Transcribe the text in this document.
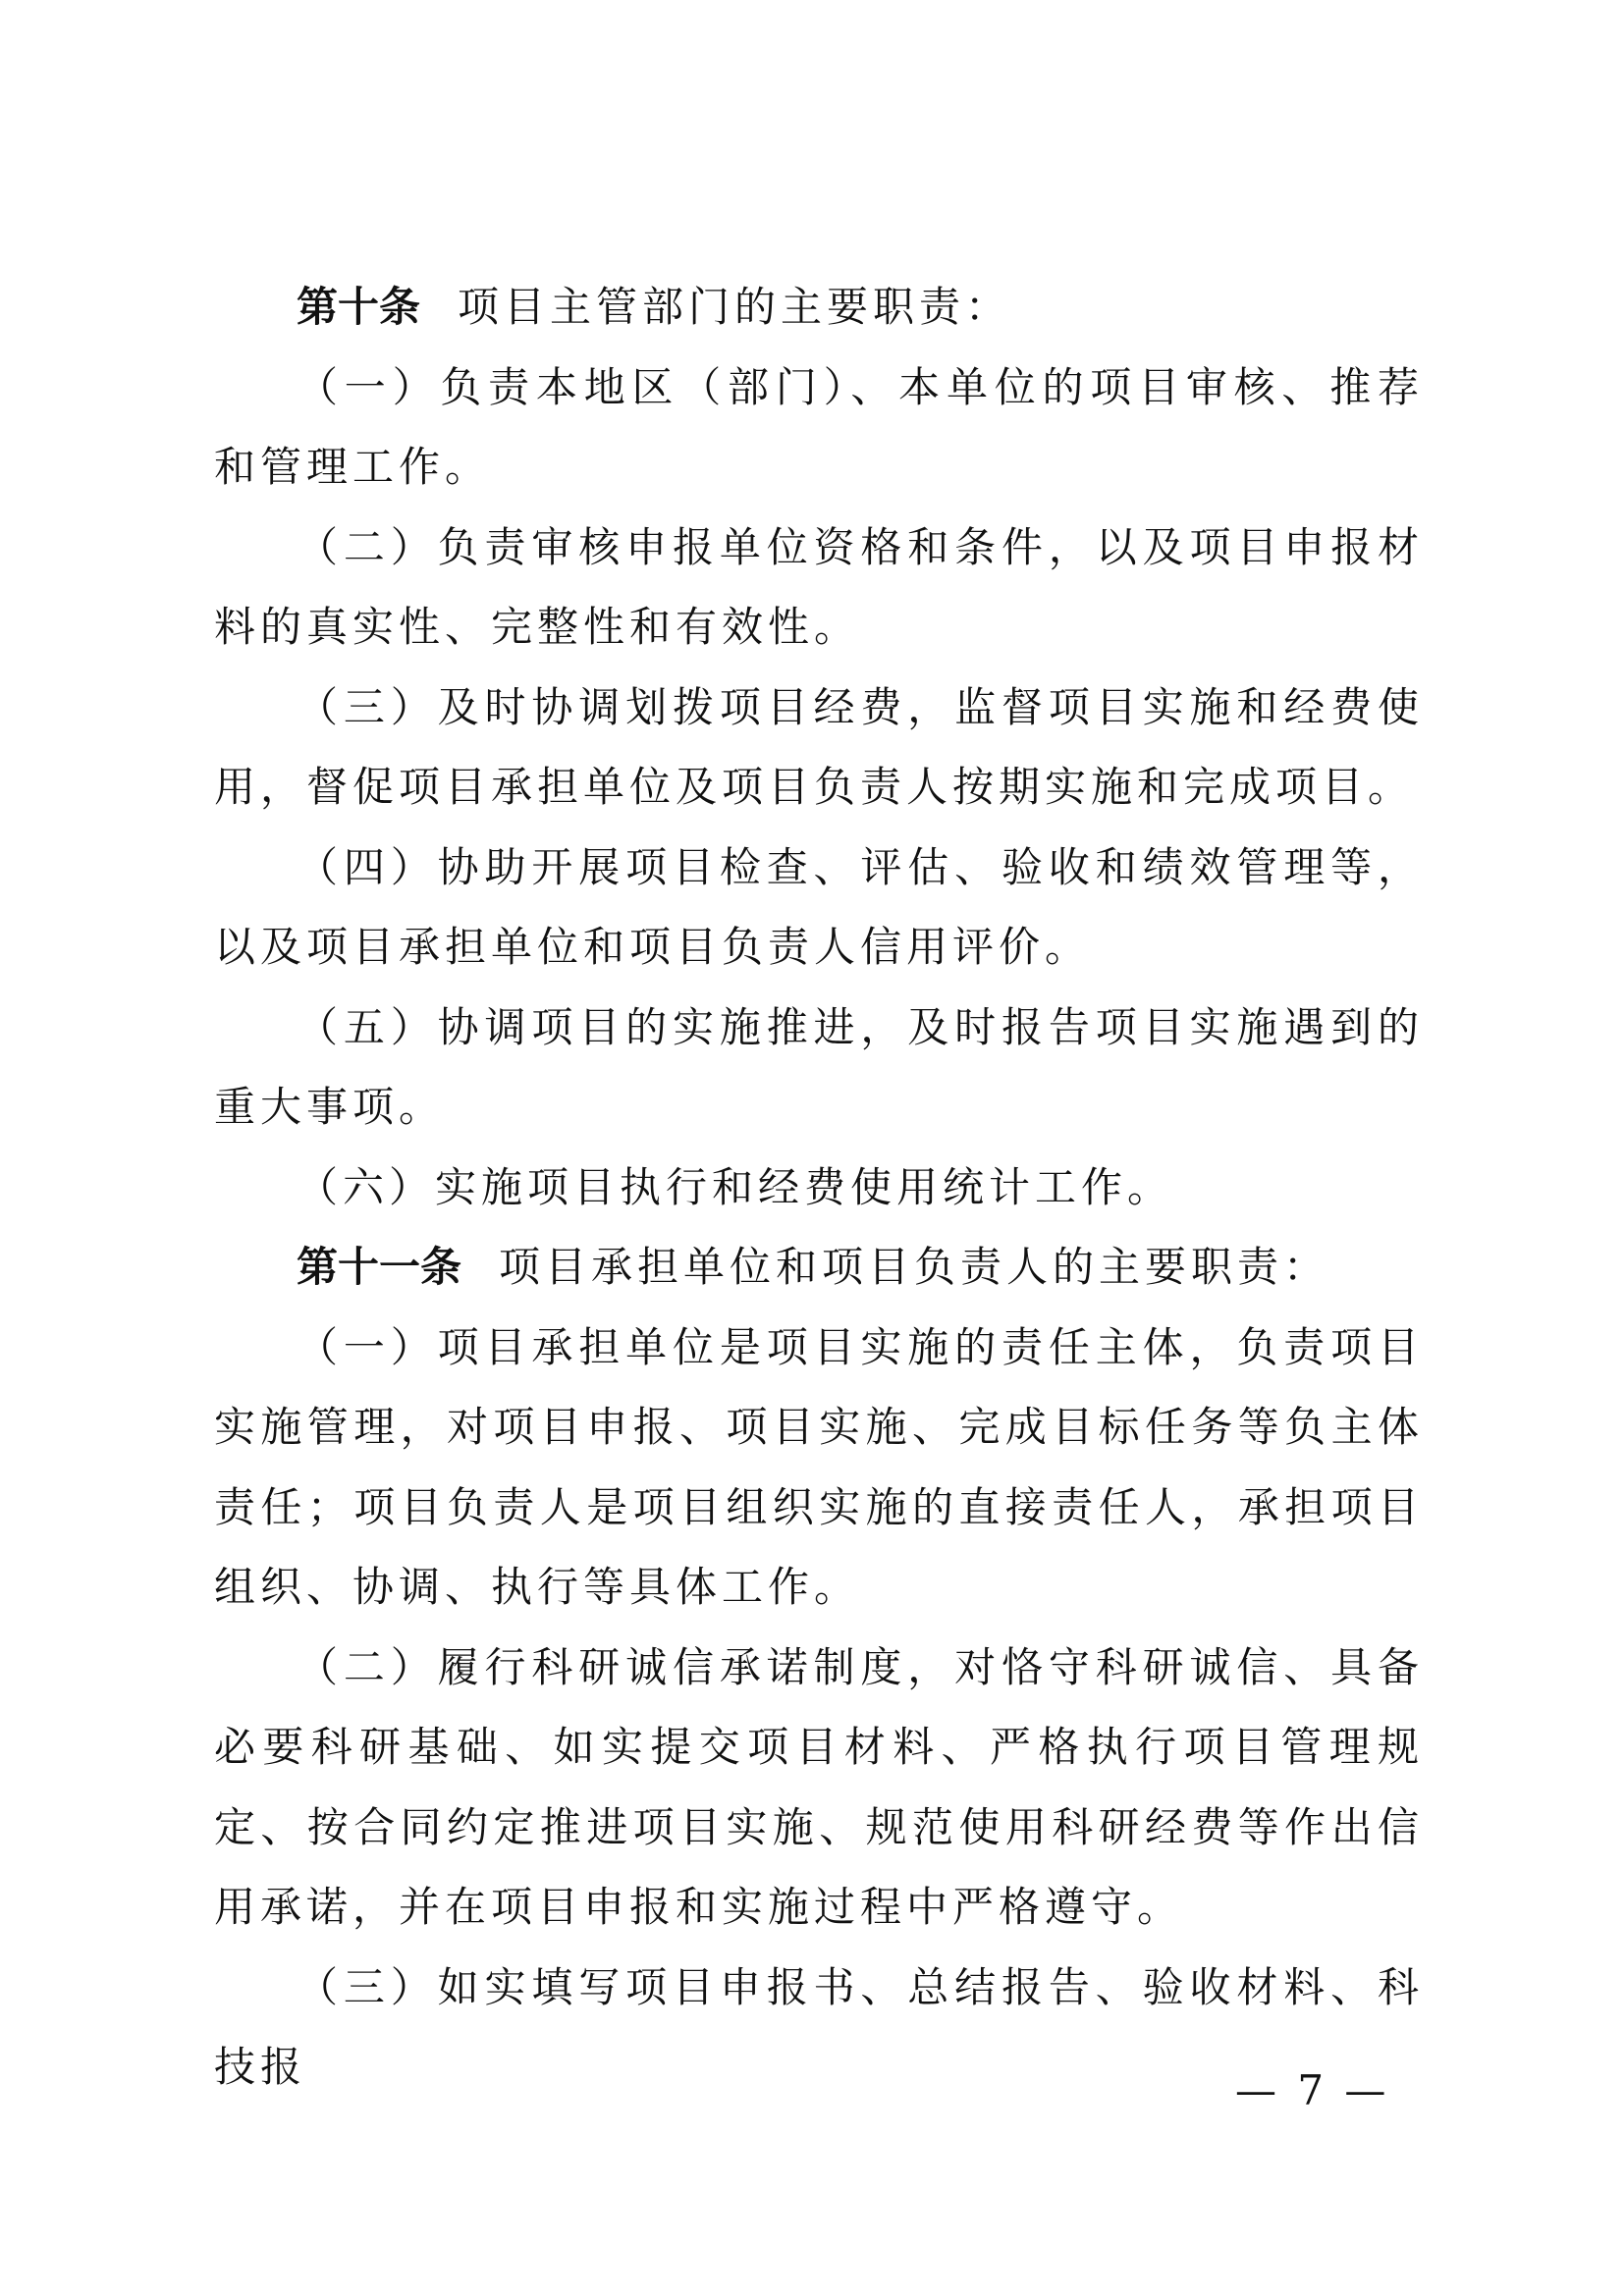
第十条 项目主管部门的主要职责：

（一）负责本地区（部门）、本单位的项目审核、推荐和管理工作。

（二）负责审核申报单位资格和条件，以及项目申报材料的真实性、完整性和有效性。

（三）及时协调划拨项目经费，监督项目实施和经费使用，督促项目承担单位及项目负责人按期实施和完成项目。

（四）协助开展项目检查、评估、验收和绩效管理等，以及项目承担单位和项目负责人信用评价。

（五）协调项目的实施推进，及时报告项目实施遇到的重大事项。

（六）实施项目执行和经费使用统计工作。

第十一条 项目承担单位和项目负责人的主要职责：

（一）项目承担单位是项目实施的责任主体，负责项目实施管理，对项目申报、项目实施、完成目标任务等负主体责任；项目负责人是项目组织实施的直接责任人，承担项目组织、协调、执行等具体工作。

（二）履行科研诚信承诺制度，对恪守科研诚信、具备必要科研基础、如实提交项目材料、严格执行项目管理规定、按合同约定推进项目实施、规范使用科研经费等作出信用承诺，并在项目申报和实施过程中严格遵守。

（三）如实填写项目申报书、总结报告、验收材料、科技报	— 7 —
